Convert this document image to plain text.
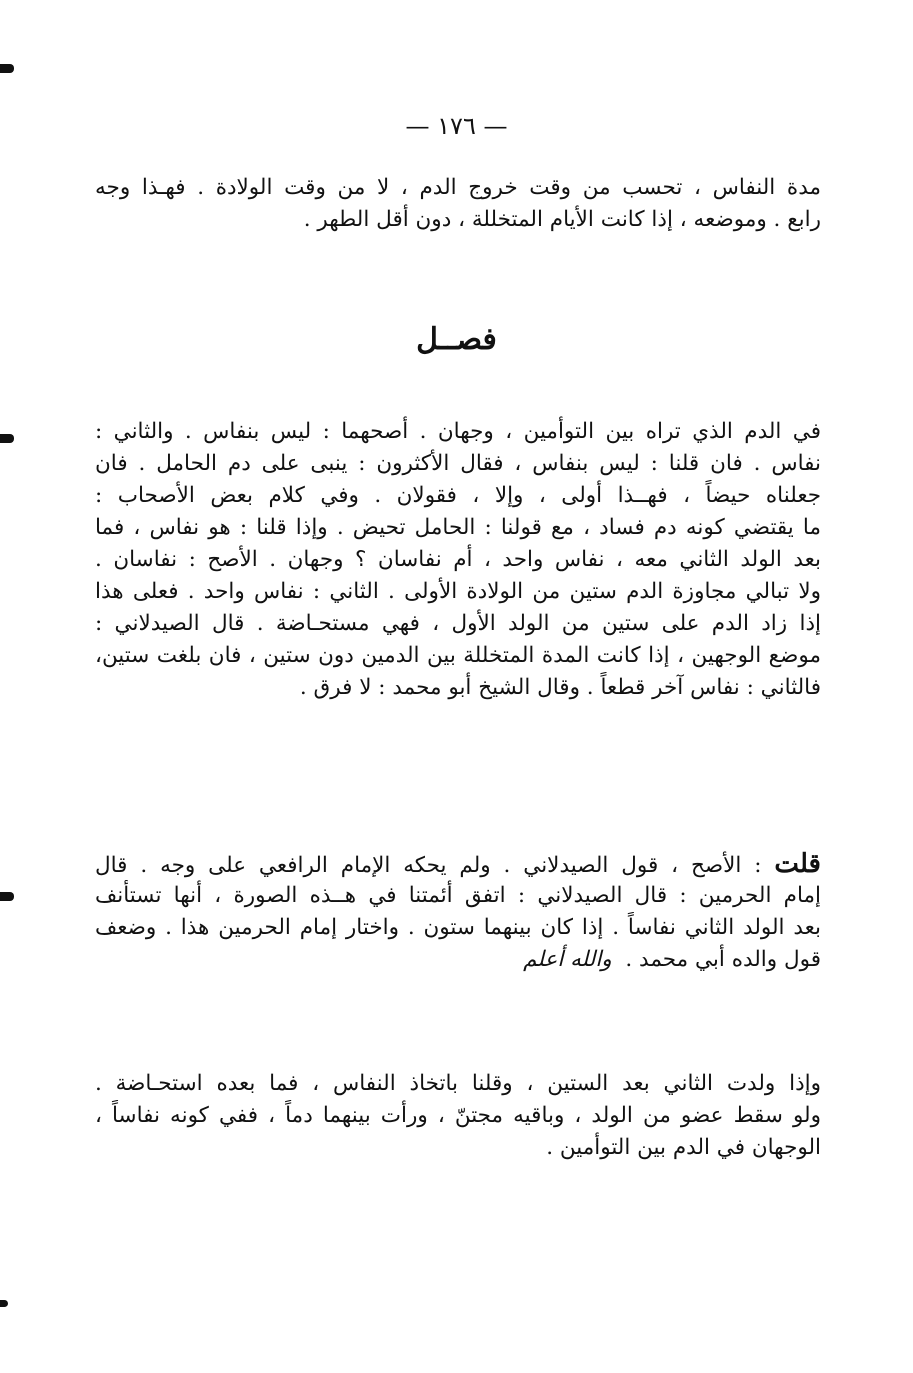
— ١٧٦ —
مدة النفاس ، تحسب من وقت خروج الدم ، لا من وقت الولادة . فهـذا وجه
رابع . وموضعه ، إذا كانت الأيام المتخللة ، دون أقل الطهر .
فصــل
في الدم الذي تراه بين التوأمين ، وجهان . أصحهما : ليس بنفاس . والثاني :
نفاس . فان قلنا : ليس بنفاس ، فقال الأكثرون : ينبى على دم الحامل . فان
جعلناه حيضاً ، فهــذا أولى ، وإلا ، فقولان . وفي كلام بعض الأصحاب :
ما يقتضي كونه دم فساد ، مع قولنا : الحامل تحيض . وإذا قلنا : هو نفاس ، فما
بعد الولد الثاني معه ، نفاس واحد ، أم نفاسان ؟ وجهان . الأصح : نفاسان .
ولا تبالي مجاوزة الدم ستين من الولادة الأولى . الثاني : نفاس واحد . فعلى هذا
إذا زاد الدم على ستين من الولد الأول ، فهي مستحـاضة . قال الصيدلاني :
موضع الوجهين ، إذا كانت المدة المتخللة بين الدمين دون ستين ، فان بلغت ستين،
فالثاني : نفاس آخر قطعاً . وقال الشيخ أبو محمد : لا فرق .
قلت : الأصح ، قول الصيدلاني . ولم يحكه الإمام الرافعي على وجه . قال
إمام الحرمين : قال الصيدلاني : اتفق أئمتنا في هــذه الصورة ، أنها تستأنف
بعد الولد الثاني نفاساً . إذا كان بينهما ستون . واختار إمام الحرمين هذا . وضعف
قول والده أبي محمد .  والله أعلم
وإذا ولدت الثاني بعد الستين ، وقلنا باتخاذ النفاس ، فما بعده استحـاضة .
ولو سقط عضو من الولد ، وباقيه مجتنّ ، ورأت بينهما دماً ، ففي كونه نفاساً ،
الوجهان في الدم بين التوأمين .
